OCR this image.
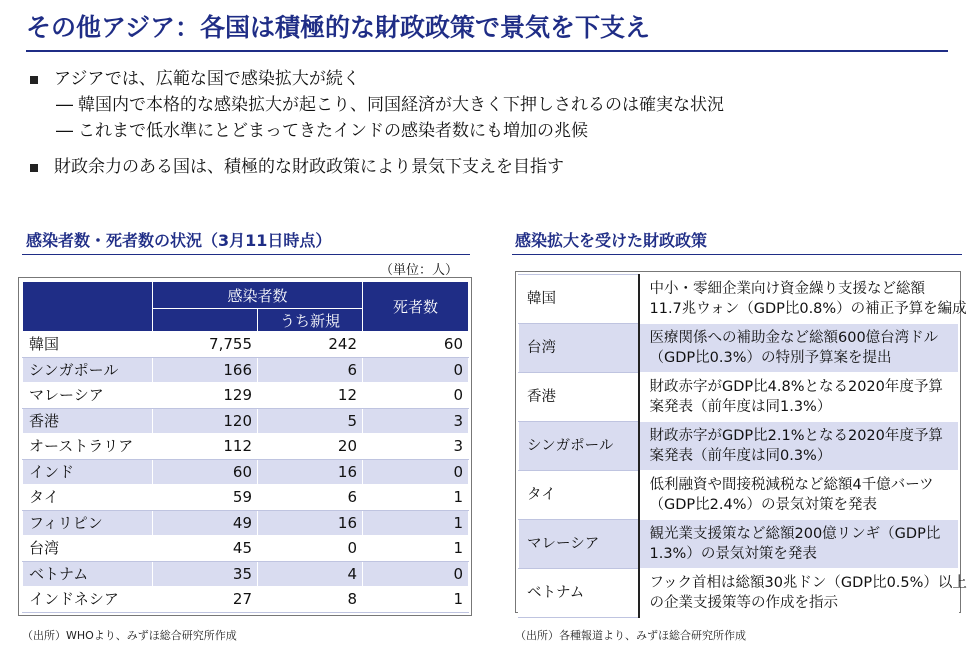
その他アジア：各国は積極的な財政政策で景気を下支え
アジアでは、広範な国で感染拡大が続く
― 韓国内で本格的な感染拡大が起こり、同国経済が大きく下押しされるのは確実な状況
― これまで低水準にとどまってきたインドの感染者数にも増加の兆候
財政余力のある国は、積極的な財政政策により景気下支えを目指す
感染者数・死者数の状況（3月11日時点）
（単位：人）
	感染者数		死者数
		うち新規	
韓国	7,755	242	60
シンガポール	166	6	0
マレーシア	129	12	0
香港	120	5	3
オーストラリア	112	20	3
インド	60	16	0
タイ	59	6	1
フィリピン	49	16	1
台湾	45	0	1
ベトナム	35	4	0
インドネシア	27	8	1
（出所）WHOより、みずほ総合研究所作成
感染拡大を受けた財政政策
韓国	中小・零細企業向け資金繰り支援など総額
11.7兆ウォン（GDP比0.8%）の補正予算を編成

台湾	医療関係への補助金など総額600億台湾ドル
（GDP比0.3%）の特別予算案を提出

香港	財政赤字がGDP比4.8%となる2020年度予算
案発表（前年度は同1.3%）

シンガポール	財政赤字がGDP比2.1%となる2020年度予算
案発表（前年度は同0.3%）

タイ	低利融資や間接税減税など総額4千億バーツ
（GDP比2.4%）の景気対策を発表

マレーシア	観光業支援策など総額200億リンギ（GDP比
1.3%）の景気対策を発表

ベトナム	フック首相は総額30兆ドン（GDP比0.5%）以上
の企業支援策等の作成を指示
（出所）各種報道より、みずほ総合研究所作成
